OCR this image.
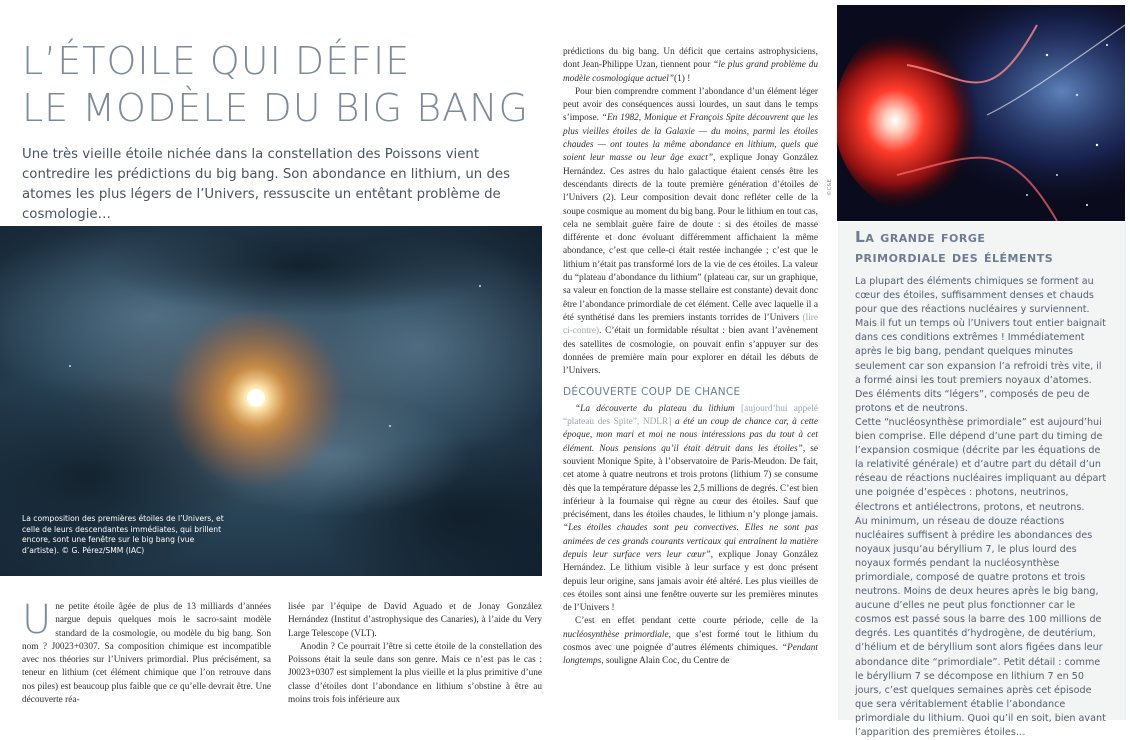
L’ÉTOILE QUI DÉFIE
LE MODÈLE DU BIG BANG
Une très vieille étoile nichée dans la constellation des Poissons vient contredire les prédictions du big bang. Son abondance en lithium, un des atomes les plus légers de l’Univers, ressuscite un entêtant problème de cosmologie…
La composition des premières étoiles de l’Univers, et celle de leurs descendantes immédiates, qui brillent encore, sont une fenêtre sur le big bang (vue d’artiste). © G. Pérez/SMM (IAC)
U ne petite étoile âgée de plus de 13 milliards d’années nargue depuis quelques mois le sacro-saint modèle standard de la cosmologie, ou modèle du big bang. Son nom ? J0023+0307. Sa composition chimique est incompatible avec nos théories sur l’Univers primordial. Plus précisément, sa teneur en lithium (cet élément chimique que l’on retrouve dans nos piles) est beaucoup plus faible que ce qu’elle devrait être. Une découverte réa-

lisée par l’équipe de David Aguado et de Jonay González Hernández (Institut d’astrophysique des Canaries), à l’aide du Very Large Telescope (VLT).

Anodin ? Ce pourrait l’être si cette étoile de la constellation des Poissons était la seule dans son genre. Mais ce n’est pas le cas : J0023+0307 est simplement la plus vieille et la plus primitive d’une classe d’étoiles dont l’abondance en lithium s’obstine à être au moins trois fois inférieure aux

prédictions du big bang. Un déficit que certains astrophysiciens, dont Jean-Philippe Uzan, tiennent pour “le plus grand problème du modèle cosmologique actuel”(1) !

Pour bien comprendre comment l’abondance d’un élément léger peut avoir des conséquences aussi lourdes, un saut dans le temps s’impose. “En 1982, Monique et François Spite découvrent que les plus vieilles étoiles de la Galaxie — du moins, parmi les étoiles chaudes — ont toutes la même abondance en lithium, quels que soient leur masse ou leur âge exact”, explique Jonay González Hernández. Ces astres du halo galactique étaient censés être les descendants directs de la toute première génération d’étoiles de l’Univers (2). Leur composition devait donc refléter celle de la soupe cosmique au moment du big bang. Pour le lithium en tout cas, cela ne semblait guère faire de doute : si des étoiles de masse différente et donc évoluant différemment affichaient la même abondance, c’est que celle-ci était restée inchangée ; c’est que le lithium n’était pas transformé lors de la vie de ces étoiles. La valeur du “plateau d’abondance du lithium” (plateau car, sur un graphique, sa valeur en fonction de la masse stellaire est constante) devait donc être l’abondance primordiale de cet élément. Celle avec laquelle il a été synthétisé dans les premiers instants torrides de l’Univers (lire ci-contre). C’était un formidable résultat : bien avant l’avènement des satellites de cosmologie, on pouvait enfin s’appuyer sur des données de première main pour explorer en détail les débuts de l’Univers.

DÉCOUVERTE COUP DE CHANCE

“La découverte du plateau du lithium [aujourd’hui appelé “plateau des Spite”, NDLR] a été un coup de chance car, à cette époque, mon mari et moi ne nous intéressions pas du tout à cet élément. Nous pensions qu’il était détruit dans les étoiles”, se souvient Monique Spite, à l’observatoire de Paris-Meudon. De fait, cet atome à quatre neutrons et trois protons (lithium 7) se consume dès que la température dépasse les 2,5 millions de degrés. C’est bien inférieur à la fournaise qui règne au cœur des étoiles. Sauf que précisément, dans les étoiles chaudes, le lithium n’y plonge jamais. “Les étoiles chaudes sont peu convectives. Elles ne sont pas animées de ces grands courants verticaux qui entraînent la matière depuis leur surface vers leur cœur”, explique Jonay González Hernández. Le lithium visible à leur surface y est donc présent depuis leur origine, sans jamais avoir été altéré. Les plus vieilles de ces étoiles sont ainsi une fenêtre ouverte sur les premières minutes de l’Univers !

C’est en effet pendant cette courte période, celle de la nucléosynthèse primordiale, que s’est formé tout le lithium du cosmos avec une poignée d’autres éléments chimiques. “Pendant longtemps, souligne Alain Coc, du Centre de

©C&E
La grande forge
primordiale des éléments

La plupart des éléments chimiques se forment au cœur des étoiles, suffisamment denses et chauds pour que des réactions nucléaires y surviennent. Mais il fut un temps où l’Univers tout entier baignait dans ces conditions extrêmes ! Immédiatement après le big bang, pendant quelques minutes seulement car son expansion l’a refroidi très vite, il a formé ainsi les tout premiers noyaux d’atomes. Des éléments dits “légers”, composés de peu de protons et de neutrons.

Cette “nucléosynthèse primordiale” est aujourd’hui bien comprise. Elle dépend d’une part du timing de l’expansion cosmique (décrite par les équations de la relativité générale) et d’autre part du détail d’un réseau de réactions nucléaires impliquant au départ une poignée d’espèces : photons, neutrinos, électrons et antiélectrons, protons, et neutrons.

Au minimum, un réseau de douze réactions nucléaires suffisent à prédire les abondances des noyaux jusqu’au béryllium 7, le plus lourd des noyaux formés pendant la nucléosynthèse primordiale, composé de quatre protons et trois neutrons. Moins de deux heures après le big bang, aucune d’elles ne peut plus fonctionner car le cosmos est passé sous la barre des 100 millions de degrés. Les quantités d’hydrogène, de deutérium, d’hélium et de béryllium sont alors figées dans leur abondance dite “primordiale”. Petit détail : comme le béryllium 7 se décompose en lithium 7 en 50 jours, c’est quelques semaines après cet épisode que sera véritablement établie l’abondance primordiale du lithium. Quoi qu’il en soit, bien avant l’apparition des premières étoiles…
